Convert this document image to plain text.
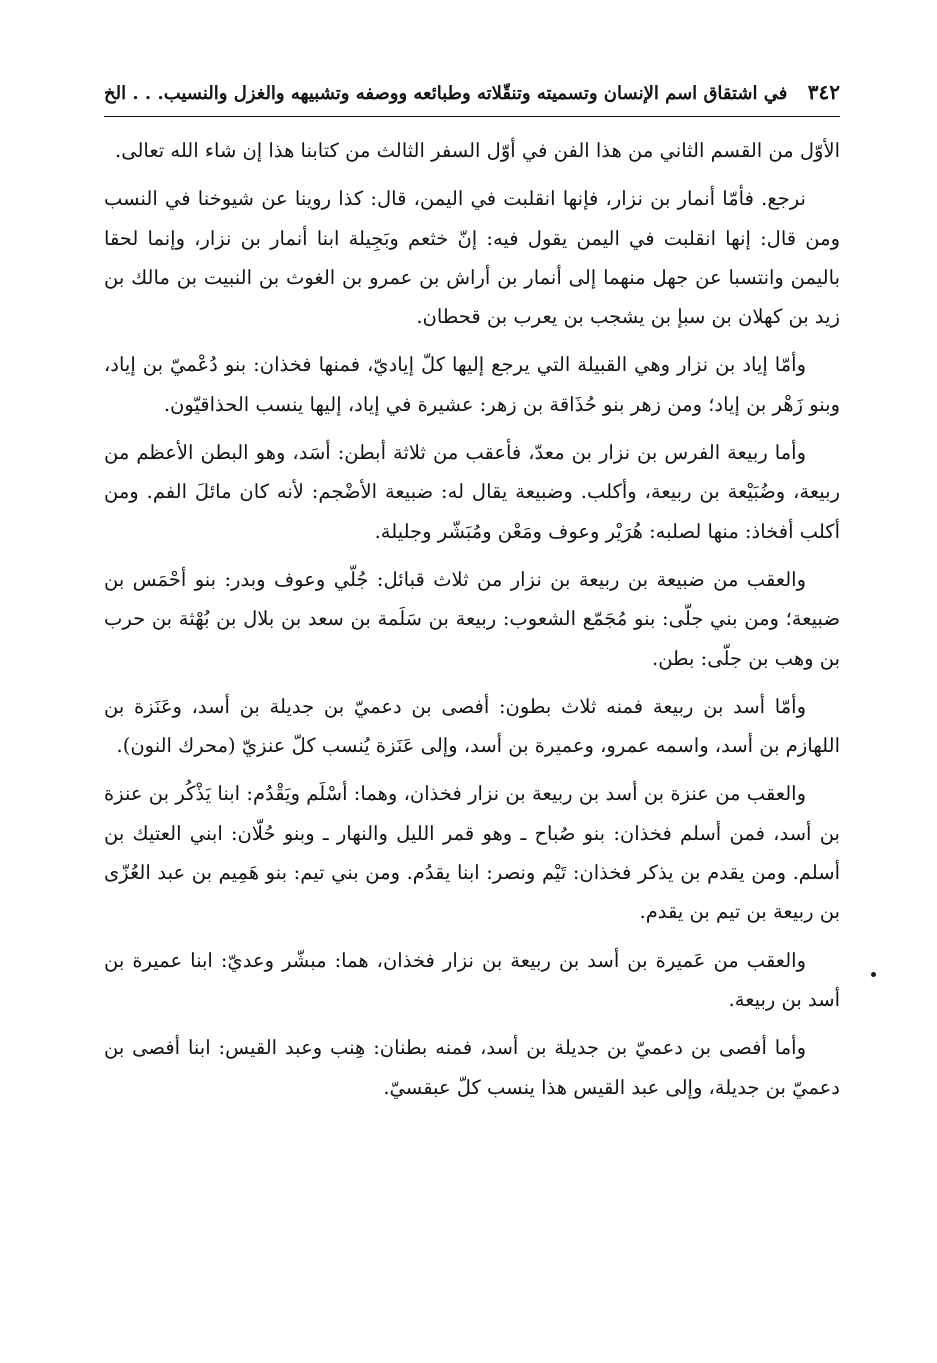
٣٤٢
في اشتقاق اسم الإنسان وتسميته وتنقّلاته وطبائعه ووصفه وتشبيهه والغزل والنسيب. . . الخ

الأوّل من القسم الثاني من هذا الفن في أوّل السفر الثالث من كتابنا هذا إن شاء الله تعالى.

نرجع. فأمّا أنمار بن نزار، فإنها انقلبت في اليمن، قال: كذا روينا عن شيوخنا في النسب ومن قال: إنها انقلبت في اليمن يقول فيه: إنّ خثعم وبَجِيلة ابنا أنمار بن نزار، وإنما لحقا باليمن وانتسبا عن جهل منهما إلى أنمار بن أراش بن عمرو بن الغوث بن النبيت بن مالك بن زيد بن كهلان بن سبإ بن يشجب بن يعرب بن قحطان.

وأمّا إياد بن نزار وهي القبيلة التي يرجع إليها كلّ إياديّ، فمنها فخذان: بنو دُعْميّ بن إياد، وبنو زَهْر بن إياد؛ ومن زهر بنو حُذَاقة بن زهر: عشيرة في إياد، إليها ينسب الحذاقيّون.

وأما ربيعة الفرس بن نزار بن معدّ، فأعقب من ثلاثة أبطن: أسَد، وهو البطن الأعظم من ربيعة، وضُبَيْعة بن ربيعة، وأكلب. وضبيعة يقال له: ضبيعة الأضْجم: لأنه كان مائلَ الفم. ومن أكلب أفخاذ: منها لصلبه: هُرَيْر وعوف ومَعْن ومُبَشّر وجليلة.

والعقب من ضبيعة بن ربيعة بن نزار من ثلاث قبائل: جُلّي وعوف وبدر: بنو أحْمَس بن ضبيعة؛ ومن بني جلّى: بنو مُجَمّع الشعوب: ربيعة بن سَلَمة بن سعد بن بلال بن بُهْثة بن حرب بن وهب بن جلّى: بطن.

وأمّا أسد بن ربيعة فمنه ثلاث بطون: أفصى بن دعميّ بن جديلة بن أسد، وعَنَزة بن اللهازم بن أسد، واسمه عمرو، وعميرة بن أسد، وإلى عَنَزة يُنسب كلّ عنزيّ (محرك النون).

والعقب من عنزة بن أسد بن ربيعة بن نزار فخذان، وهما: أسْلَم ويَقْدُم: ابنا يَذْكُر بن عنزة بن أسد، فمن أسلم فخذان: بنو صُباح ـ وهو قمر الليل والنهار ـ وبنو حُلّان: ابني العتيك بن أسلم. ومن يقدم بن يذكر فخذان: تَيْم ونصر: ابنا يقدُم. ومن بني تيم: بنو هَمِيم بن عبد العُزّى بن ربيعة بن تيم بن يقدم.

والعقب من عَميرة بن أسد بن ربيعة بن نزار فخذان، هما: مبشّر وعديّ: ابنا عميرة بن أسد بن ربيعة.

وأما أفصى بن دعميّ بن جديلة بن أسد، فمنه بطنان: هِنب وعبد القيس: ابنا أفصى بن دعميّ بن جديلة، وإلى عبد القيس هذا ينسب كلّ عبقسيّ.
